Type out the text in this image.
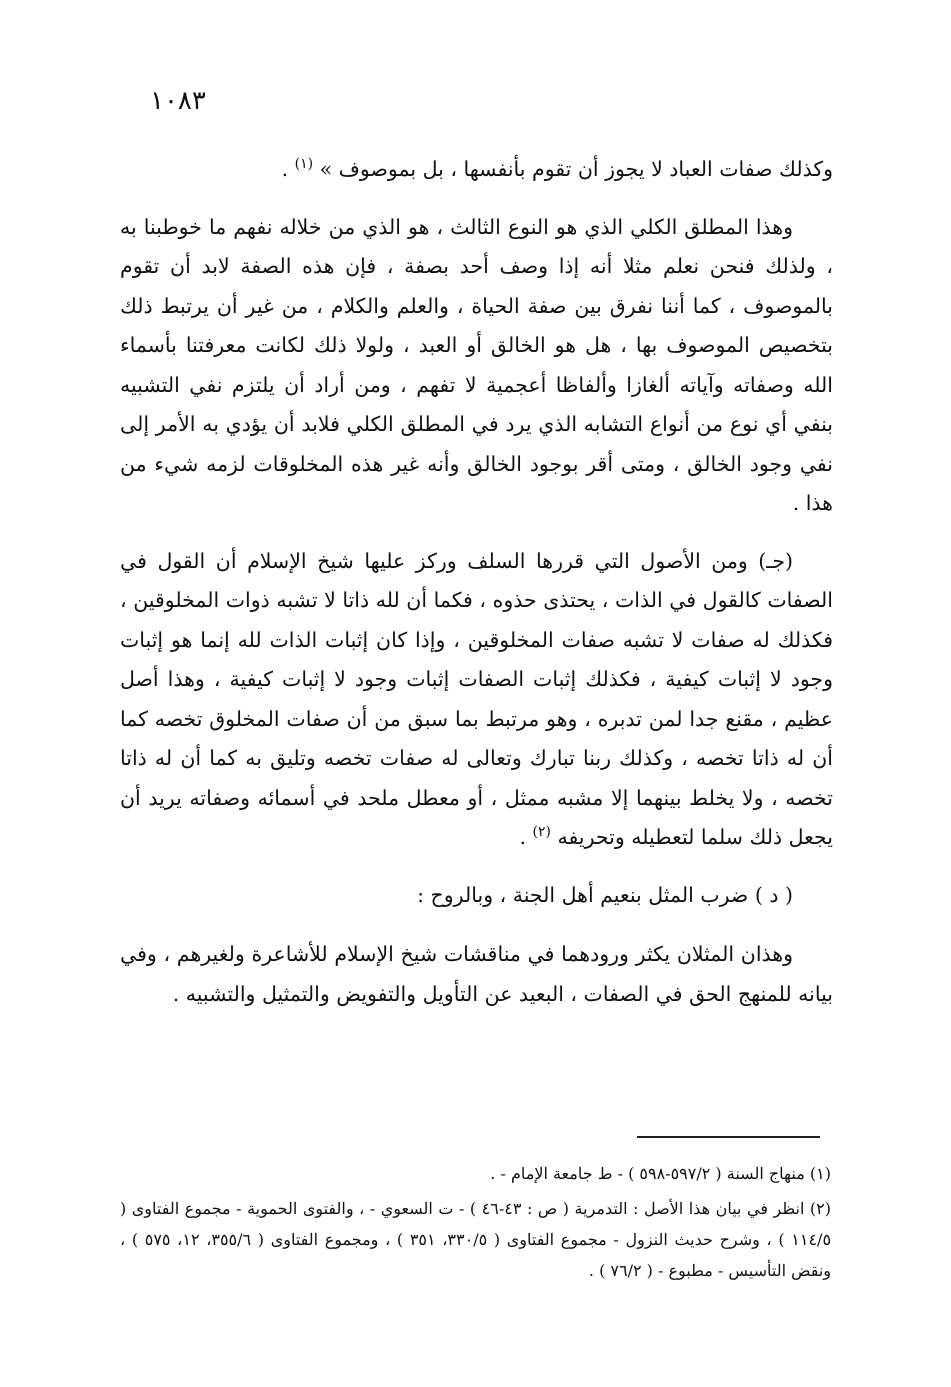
١٠٨٣

وكذلك صفات العباد لا يجوز أن تقوم بأنفسها ، بل بموصوف » $^{(١)}$ .

وهذا المطلق الكلي الذي هو النوع الثالث ، هو الذي من خلاله نفهم ما خوطبنا به ، ولذلك فنحن نعلم مثلا أنه إذا وصف أحد بصفة ، فإن هذه الصفة لابد أن تقوم بالموصوف ، كما أننا نفرق بين صفة الحياة ، والعلم والكلام ، من غير أن يرتبط ذلك بتخصيص الموصوف بها ، هل هو الخالق أو العبد ، ولولا ذلك لكانت معرفتنا بأسماء الله وصفاته وآياته ألغازا وألفاظا أعجمية لا تفهم ، ومن أراد أن يلتزم نفي التشبيه بنفي أي نوع من أنواع التشابه الذي يرد في المطلق الكلي فلابد أن يؤدي به الأمر إلى نفي وجود الخالق ، ومتى أقر بوجود الخالق وأنه غير هذه المخلوقات لزمه شيء من هذا .

(جـ) ومن الأصول التي قررها السلف وركز عليها شيخ الإسلام أن القول في الصفات كالقول في الذات ، يحتذى حذوه ، فكما أن لله ذاتا لا تشبه ذوات المخلوقين ، فكذلك له صفات لا تشبه صفات المخلوقين ، وإذا كان إثبات الذات لله إنما هو إثبات وجود لا إثبات كيفية ، فكذلك إثبات الصفات إثبات وجود لا إثبات كيفية ، وهذا أصل عظيم ، مقنع جدا لمن تدبره ، وهو مرتبط بما سبق من أن صفات المخلوق تخصه كما أن له ذاتا تخصه ، وكذلك ربنا تبارك وتعالى له صفات تخصه وتليق به كما أن له ذاتا تخصه ، ولا يخلط بينهما إلا مشبه ممثل ، أو معطل ملحد في أسمائه وصفاته يريد أن يجعل ذلك سلما لتعطيله وتحريفه $^{(٢)}$ .

( د ) ضرب المثل بنعيم أهل الجنة ، وبالروح :

وهذان المثلان يكثر ورودهما في مناقشات شيخ الإسلام للأشاعرة ولغيرهم ، وفي بيانه للمنهج الحق في الصفات ، البعيد عن التأويل والتفويض والتمثيل والتشبيه .

(١) منهاج السنة ( ٥٩٧/٢-٥٩٨ ) - ط جامعة الإمام - .

(٢) انظر في بيان هذا الأصل : التدمرية ( ص : ٤٣-٤٦ ) - ت السعوي - ، والفتوى الحموية - مجموع الفتاوى ( ١١٤/٥ ) ، وشرح حديث النزول - مجموع الفتاوى ( ٣٣٠/٥، ٣٥١ ) ، ومجموع الفتاوى ( ٣٥٥/٦، ١٢، ٥٧٥ ) ، ونقض التأسيس - مطبوع - ( ٧٦/٢ ) .
